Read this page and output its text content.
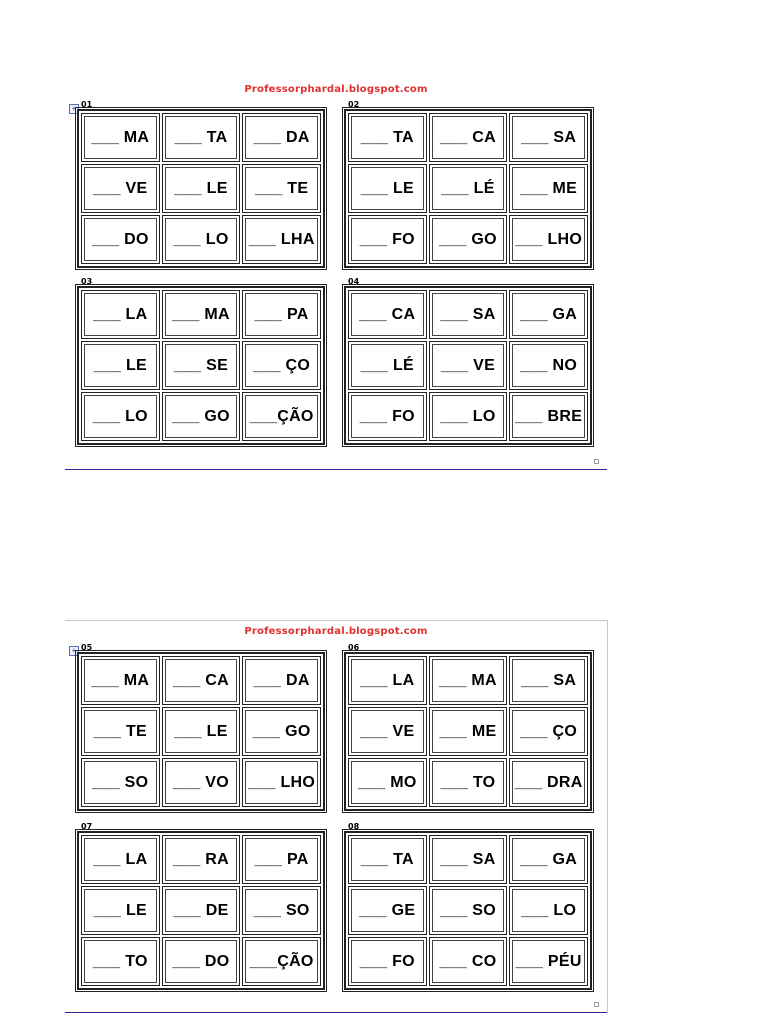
Professorphardal.blogspot.com
+ 01
___ MA ___ TA ___ DA
___ VE ___ LE ___ TE
___ DO ___ LO ___ LHA
02
___ TA ___ CA ___ SA
___ LE ___ LÉ ___ ME
___ FO ___ GO ___ LHO
03
___ LA ___ MA ___ PA
___ LE ___ SE ___ ÇO
___ LO ___ GO ___ÇÃO
04
___ CA ___ SA ___ GA
___ LÉ ___ VE ___ NO
___ FO ___ LO ___ BRE
Professorphardal.blogspot.com
+ 05
___ MA ___ CA ___ DA
___ TE ___ LE ___ GO
___ SO ___ VO ___ LHO
06
___ LA ___ MA ___ SA
___ VE ___ ME ___ ÇO
___ MO ___ TO ___ DRA
07
___ LA ___ RA ___ PA
___ LE ___ DE ___ SO
___ TO ___ DO ___ÇÃO
08
___ TA ___ SA ___ GA
___ GE ___ SO ___ LO
___ FO ___ CO ___ PÉU
